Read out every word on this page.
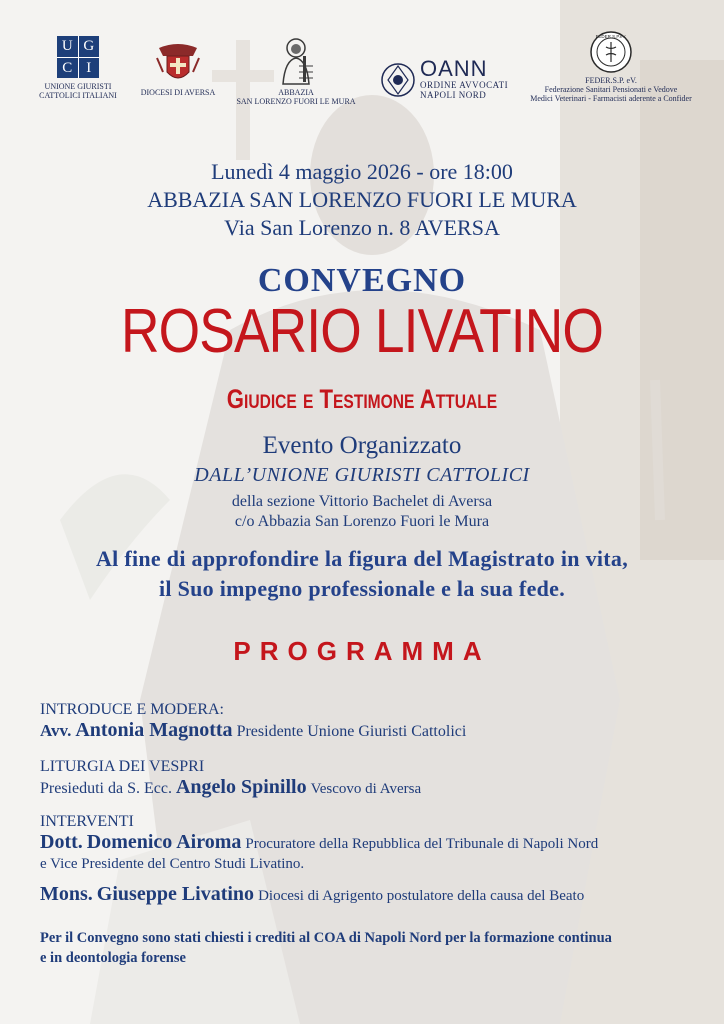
U G
C I
UNIONE GIURISTI
CATTOLICI ITALIANI	DIOCESI DI AVERSA	ABBAZIA
SAN LORENZO FUORI LE MURA
OANN
ORDINE AVVOCATI
NAPOLI NORD
FEDER.S.P.eV.
FEDER.S.P. eV.
Federazione Sanitari Pensionati e Vedove
Medici Veterinari - Farmacisti aderente a Confider
Lunedì 4 maggio 2026 - ore 18:00
ABBAZIA SAN LORENZO FUORI LE MURA
Via San Lorenzo n. 8 AVERSA
CONVEGNO
ROSARIO LIVATINO
Giudice e Testimone Attuale
Evento Organizzato
DALL’UNIONE GIURISTI CATTOLICI
della sezione Vittorio Bachelet di Aversa
c/o Abbazia San Lorenzo Fuori le Mura
Al fine di approfondire la figura del Magistrato in vita,
il Suo impegno professionale e la sua fede.
PROGRAMMA
INTRODUCE E MODERA:
Avv. Antonia Magnotta Presidente Unione Giuristi Cattolici
LITURGIA DEI VESPRI
Presieduti da S. Ecc. Angelo Spinillo Vescovo di Aversa
INTERVENTI
Dott. Domenico Airoma Procuratore della Repubblica del Tribunale di Napoli Nord
e Vice Presidente del Centro Studi Livatino.
Mons. Giuseppe Livatino Diocesi di Agrigento postulatore della causa del Beato
Per il Convegno sono stati chiesti i crediti al COA di Napoli Nord per la formazione continua
e in deontologia forense
